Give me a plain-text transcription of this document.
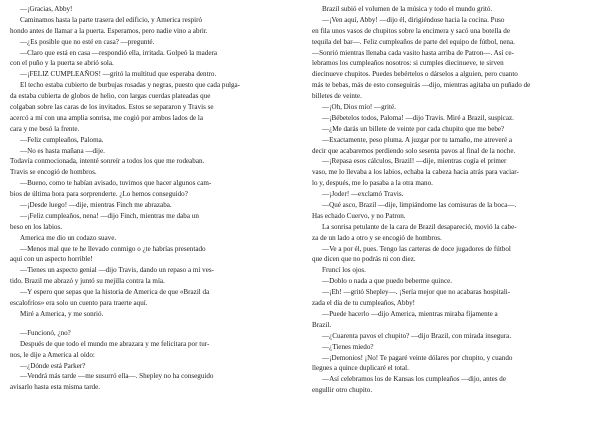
—¡Gracias, Abby!
Caminamos hasta la parte trasera del edificio, y America respiró
hondo antes de llamar a la puerta. Esperamos, pero nadie vino a abrir.
—¿Es posible que no esté en casa? —pregunté.
—Claro que está en casa —respondió ella, irritada. Golpeó la madera
con el puño y la puerta se abrió sola.
—¡FELIZ CUMPLEAÑOS! —gritó la multitud que esperaba dentro.
El techo estaba cubierto de burbujas rosadas y negras, puesto que cada pulga-
da estaba cubierta de globos de helio, con largas cuerdas plateadas que
colgaban sobre las caras de los invitados. Estos se separaron y Travis se
acercó a mí con una amplia sonrisa, me cogió por ambos lados de la
cara y me besó la frente.
—Feliz cumpleaños, Paloma.
—No es hasta mañana —dije.
Todavía conmocionada, intenté sonreír a todos los que me rodeaban.
Travis se encogió de hombros.
—Bueno, como te habían avisado, tuvimos que hacer algunos cam-
bios de última hora para sorprenderte. ¿Lo hemos conseguido?
—¡Desde luego! —dije, mientras Finch me abrazaba.
—¡Feliz cumpleaños, nena! —dijo Finch, mientras me daba un
beso en los labios.
America me dio un codazo suave.
—Menos mal que te he llevado conmigo o ¿te habrías presentado
aquí con un aspecto horrible!
—Tienes un aspecto genial —dijo Travis, dando un repaso a mi ves-
tido. Brazil me abrazó y juntó su mejilla contra la mía.
—Y espero que sepas que la historia de America de que «Brazil da
escalofríos» era solo un cuento para traerte aquí.
Miré a America, y me sonrió.
—Funcionó, ¿no?
Después de que todo el mundo me abrazara y me felicitara por tur-
nos, le dije a America al oído:
—¿Dónde está Parker?
—Vendrá más tarde —me susurró ella—. Shepley no ha conseguido
avisarlo hasta esta misma tarde.
Brazil subió el volumen de la música y todo el mundo gritó.
—¡Ven aquí, Abby! —dijo él, dirigiéndose hacia la cocina. Puso
en fila unos vasos de chupitos sobre la encimera y sacó una botella de
tequila del bar—. Feliz cumpleaños de parte del equipo de fútbol, nena.
—Sonrió mientras llenaba cada vasito hasta arriba de Patron—. Así ce-
lebramos los cumpleaños nosotros: si cumples diecinueve, te sirven
diecinueve chupitos. Puedes bebértelos o dárselos a alguien, pero cuanto
más te bebas, más de esto conseguirás —dijo, mientras agitaba un puñado de
billetes de veinte.
—¡Oh, Dios mío! —grité.
—¡Bébetelos todos, Paloma! —dijo Travis. Miré a Brazil, suspicaz.
—¿Me darás un billete de veinte por cada chupito que me bebe?
—Exactamente, peso pluma. A juzgar por tu tamaño, me atreveré a
decir que acabaremos perdiendo solo sesenta pavos al final de la noche.
—¡Repasa esos cálculos, Brazil! —dije, mientras cogía el primer
vaso, me lo llevaba a los labios, echaba la cabeza hacia atrás para vaciar-
lo y, después, me lo pasaba a la otra mano.
—¡Joder! —exclamó Travis.
—Qué asco, Brazil —dije, limpiándome las comisuras de la boca—.
Has echado Cuervo, y no Patron.
La sonrisa petulante de la cara de Brazil desapareció, movió la cabe-
za de un lado a otro y se encogió de hombros.
—Ve a por él, pues. Tengo las carteras de doce jugadores de fútbol
que dicen que no podrás ni con diez.
Fruncí los ojos.
—Doblo o nada a que puedo beberme quince.
—¡Eh! —gritó Shepley—. ¡Sería mejor que no acabaras hospitali-
zada el día de tu cumpleaños, Abby!
—Puede hacerlo —dijo America, mientras miraba fijamente a
Brazil.
—¿Cuarenta pavos el chupito? —dijo Brazil, con mirada insegura.
—¿Tienes miedo?
—¡Demonios! ¡No! Te pagaré veinte dólares por chupito, y cuando
llegues a quince duplicaré el total.
—Así celebramos los de Kansas los cumpleaños —dijo, antes de
engullir otro chupito.
